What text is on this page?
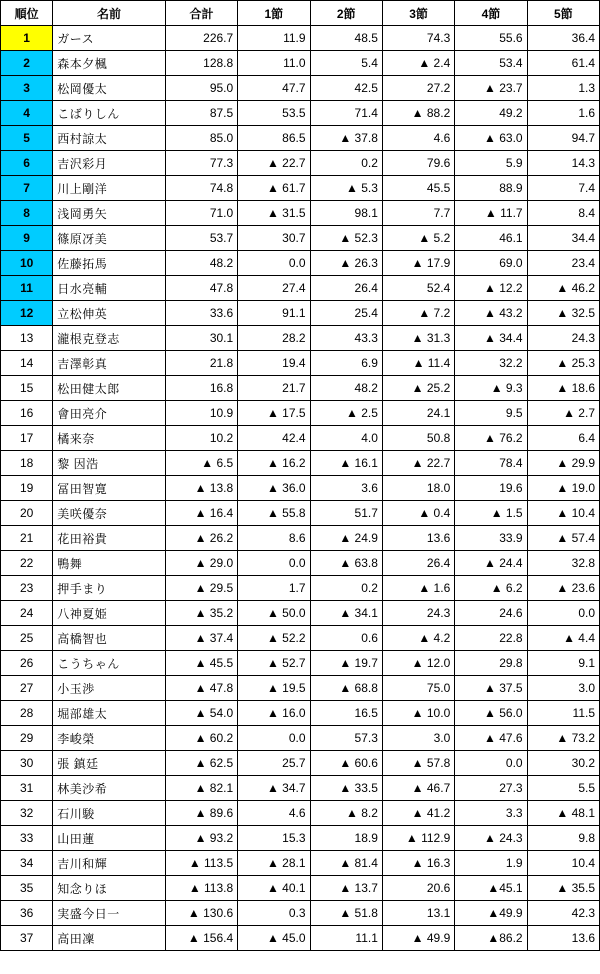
順位	名前	合計	1節	2節	3節	4節	5節
1	ガース	226.7	11.9	48.5	74.3	55.6	36.4
2	森本夕楓	128.8	11.0	5.4	▲ 2.4	53.4	61.4
3	松岡優太	95.0	47.7	42.5	27.2	▲ 23.7	1.3
4	こばりしん	87.5	53.5	71.4	▲ 88.2	49.2	1.6
5	西村諒太	85.0	86.5	▲ 37.8	4.6	▲ 63.0	94.7
6	吉沢彩月	77.3	▲ 22.7	0.2	79.6	5.9	14.3
7	川上剛洋	74.8	▲ 61.7	▲ 5.3	45.5	88.9	7.4
8	浅岡勇矢	71.0	▲ 31.5	98.1	7.7	▲ 11.7	8.4
9	篠原冴美	53.7	30.7	▲ 52.3	▲ 5.2	46.1	34.4
10	佐藤拓馬	48.2	0.0	▲ 26.3	▲ 17.9	69.0	23.4
11	日水亮輔	47.8	27.4	26.4	52.4	▲ 12.2	▲ 46.2
12	立松伸英	33.6	91.1	25.4	▲ 7.2	▲ 43.2	▲ 32.5
13	瀧根克登志	30.1	28.2	43.3	▲ 31.3	▲ 34.4	24.3
14	吉澤彰真	21.8	19.4	6.9	▲ 11.4	32.2	▲ 25.3
15	松田健太郎	16.8	21.7	48.2	▲ 25.2	▲ 9.3	▲ 18.6
16	會田亮介	10.9	▲ 17.5	▲ 2.5	24.1	9.5	▲ 2.7
17	橘来奈	10.2	42.4	4.0	50.8	▲ 76.2	6.4
18	黎 因浩	▲ 6.5	▲ 16.2	▲ 16.1	▲ 22.7	78.4	▲ 29.9
19	冨田智寛	▲ 13.8	▲ 36.0	3.6	18.0	19.6	▲ 19.0
20	美咲優奈	▲ 16.4	▲ 55.8	51.7	▲ 0.4	▲ 1.5	▲ 10.4
21	花田裕貴	▲ 26.2	8.6	▲ 24.9	13.6	33.9	▲ 57.4
22	鴨舞	▲ 29.0	0.0	▲ 63.8	26.4	▲ 24.4	32.8
23	押手まり	▲ 29.5	1.7	0.2	▲ 1.6	▲ 6.2	▲ 23.6
24	八神夏姫	▲ 35.2	▲ 50.0	▲ 34.1	24.3	24.6	0.0
25	高橋智也	▲ 37.4	▲ 52.2	0.6	▲ 4.2	22.8	▲ 4.4
26	こうちゃん	▲ 45.5	▲ 52.7	▲ 19.7	▲ 12.0	29.8	9.1
27	小玉渉	▲ 47.8	▲ 19.5	▲ 68.8	75.0	▲ 37.5	3.0
28	堀部雄太	▲ 54.0	▲ 16.0	16.5	▲ 10.0	▲ 56.0	11.5
29	李峻榮	▲ 60.2	0.0	57.3	3.0	▲ 47.6	▲ 73.2
30	張 鎮廷	▲ 62.5	25.7	▲ 60.6	▲ 57.8	0.0	30.2
31	林美沙希	▲ 82.1	▲ 34.7	▲ 33.5	▲ 46.7	27.3	5.5
32	石川駿	▲ 89.6	4.6	▲ 8.2	▲ 41.2	3.3	▲ 48.1
33	山田蓮	▲ 93.2	15.3	18.9	▲ 112.9	▲ 24.3	9.8
34	吉川和輝	▲ 113.5	▲ 28.1	▲ 81.4	▲ 16.3	1.9	10.4
35	知念りほ	▲ 113.8	▲ 40.1	▲ 13.7	20.6	▲45.1	▲ 35.5
36	実盛今日一	▲ 130.6	0.3	▲ 51.8	13.1	▲49.9	42.3
37	高田凜	▲ 156.4	▲ 45.0	11.1	▲ 49.9	▲86.2	13.6
